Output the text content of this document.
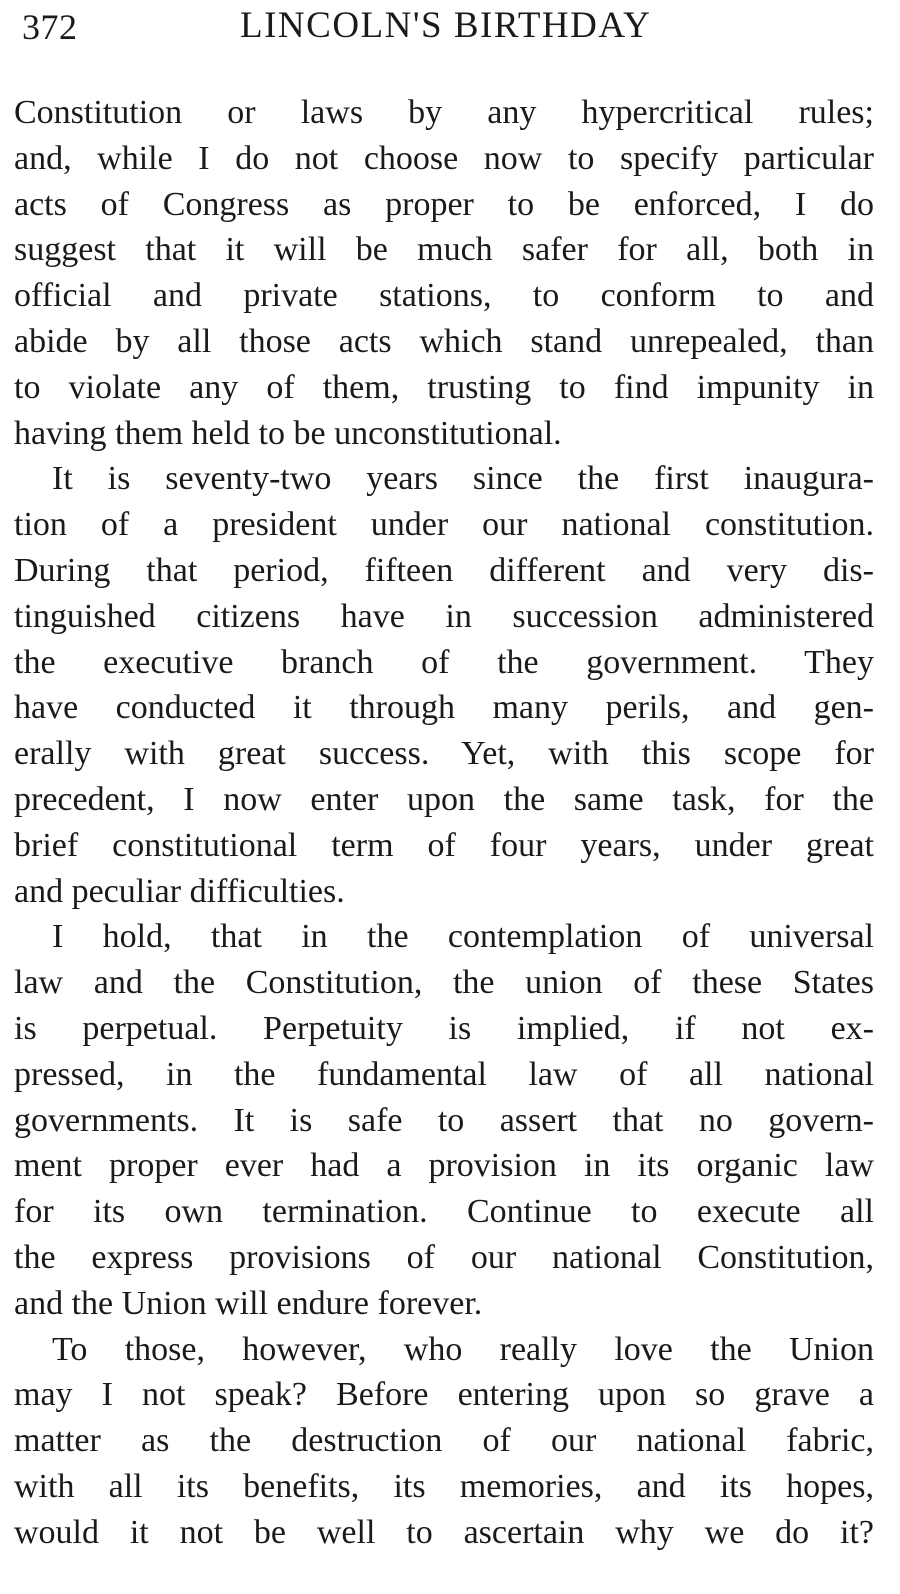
372	LINCOLN'S BIRTHDAY
Constitution or laws by any hypercritical rules;
and, while I do not choose now to specify particular
acts of Congress as proper to be enforced, I do
suggest that it will be much safer for all, both in
official and private stations, to conform to and
abide by all those acts which stand unrepealed, than
to violate any of them, trusting to find impunity in
having them held to be unconstitutional.
It is seventy-two years since the first inaugura-
tion of a president under our national constitution.
During that period, fifteen different and very dis-
tinguished citizens have in succession administered
the executive branch of the government. They
have conducted it through many perils, and gen-
erally with great success. Yet, with this scope for
precedent, I now enter upon the same task, for the
brief constitutional term of four years, under great
and peculiar difficulties.
I hold, that in the contemplation of universal
law and the Constitution, the union of these States
is perpetual. Perpetuity is implied, if not ex-
pressed, in the fundamental law of all national
governments. It is safe to assert that no govern-
ment proper ever had a provision in its organic law
for its own termination. Continue to execute all
the express provisions of our national Constitution,
and the Union will endure forever.
To those, however, who really love the Union
may I not speak? Before entering upon so grave a
matter as the destruction of our national fabric,
with all its benefits, its memories, and its hopes,
would it not be well to ascertain why we do it?
